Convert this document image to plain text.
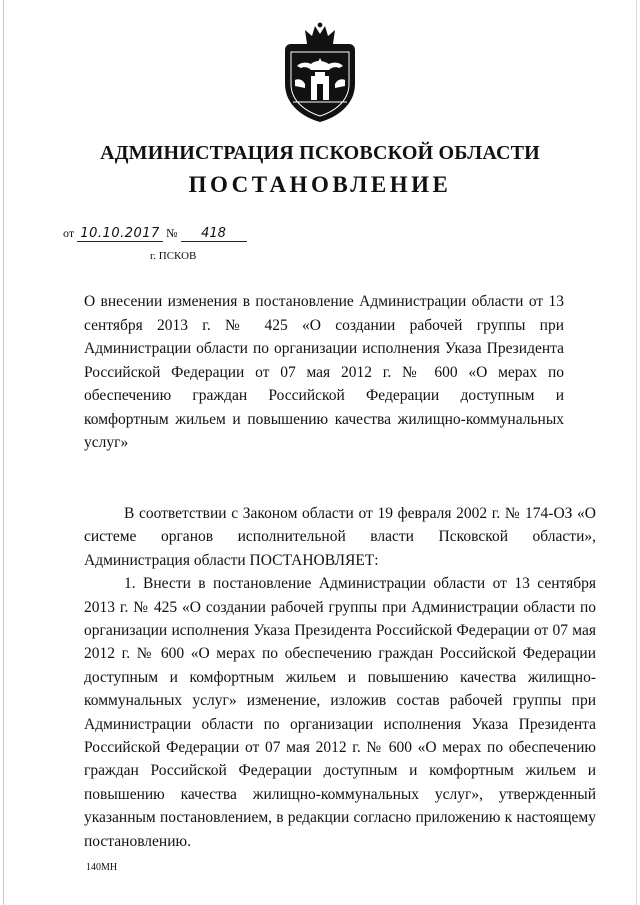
АДМИНИСТРАЦИЯ ПСКОВСКОЙ ОБЛАСТИ
ПОСТАНОВЛЕНИЕ
от 10.10.2017 № 418
г. ПСКОВ

О внесении изменения в постановление Администрации области от 13 сентября 2013 г. № 425 «О создании рабочей группы при Администрации области по организации исполнения Указа Президента Российской Федерации от 07 мая 2012 г. № 600 «О мерах по обеспечению граждан Российской Федерации доступным и комфортным жильем и повышению качества жилищно-коммунальных услуг»

В соответствии с Законом области от 19 февраля 2002 г. № 174-ОЗ «О системе органов исполнительной власти Псковской области», Администрация области ПОСТАНОВЛЯЕТ:

1. Внести в постановление Администрации области от 13 сентября 2013 г. № 425 «О создании рабочей группы при Администрации области по организации исполнения Указа Президента Российской Федерации от 07 мая 2012 г. № 600 «О мерах по обеспечению граждан Российской Федерации доступным и комфортным жильем и повышению качества жилищно-коммунальных услуг» изменение, изложив состав рабочей группы при Администрации области по организации исполнения Указа Президента Российской Федерации от 07 мая 2012 г. № 600 «О мерах по обеспечению граждан Российской Федерации доступным и комфортным жильем и повышению качества жилищно-коммунальных услуг», утвержденный указанным постановлением, в редакции согласно приложению к настоящему постановлению.

140МН
